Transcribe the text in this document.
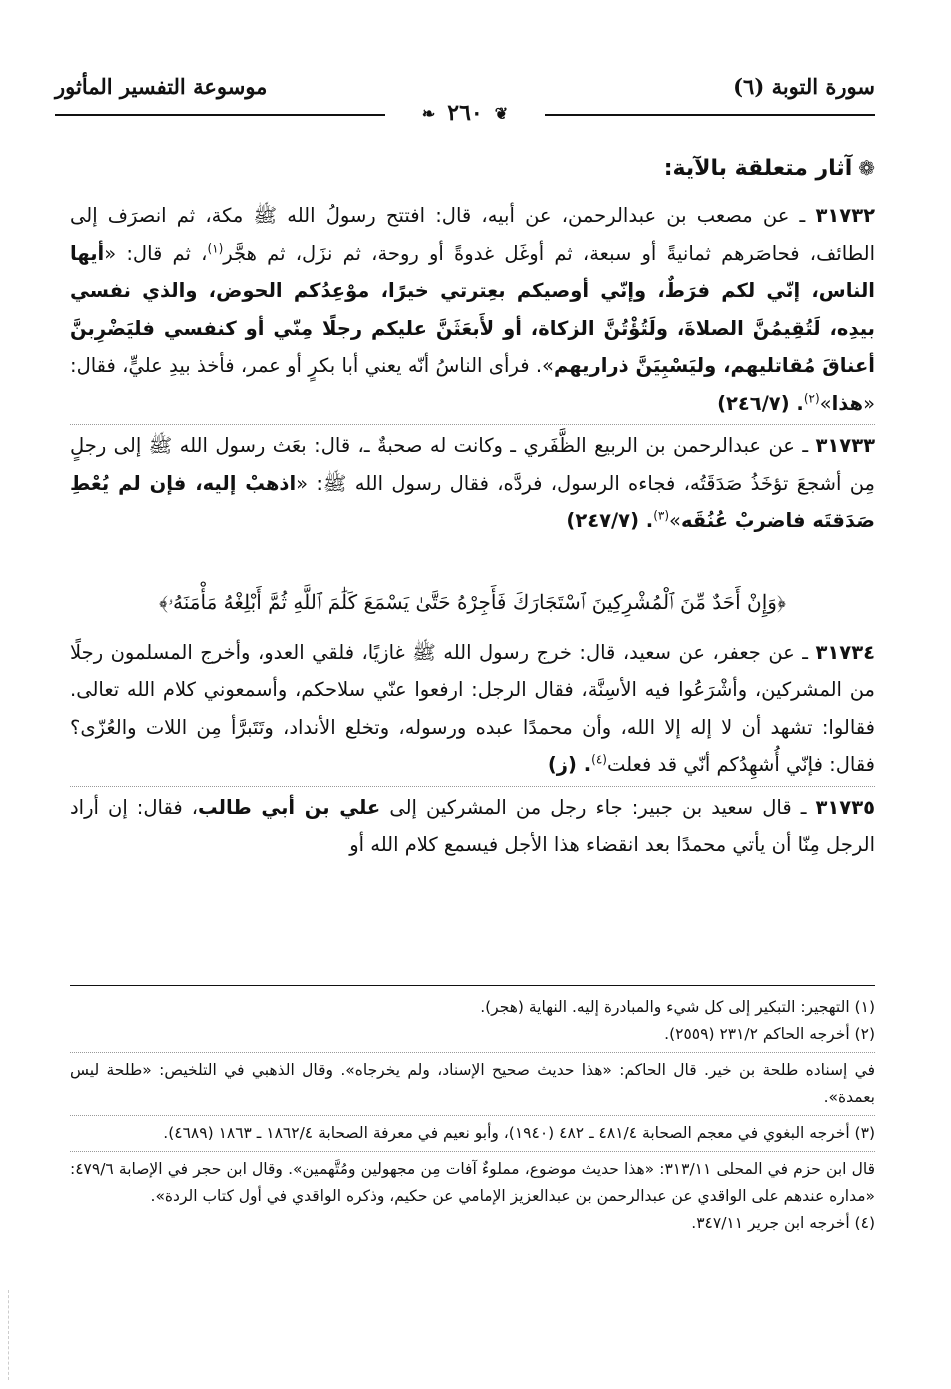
سورة التوبة (٦)
موسوعة التفسير المأثور
❦
٢٦٠
❧
❁آثار متعلقة بالآية:

٣١٧٣٢ ـ عن مصعب بن عبدالرحمن، عن أبيه، قال: افتتح رسولُ الله ﷺ مكة، ثم انصرَف إلى الطائف، فحاصَرهم ثمانيةً أو سبعة، ثم أوغَل غدوةً أو روحة، ثم نزَل، ثم هجَّر$^{(١)}$، ثم قال: «أيها الناس، إنّي لكم فرَطٌ، وإنّي أوصيكم بعِترتي خيرًا، موْعِدُكم الحوض، والذي نفسي بيدِه، لَتُقِيمُنَّ الصلاةَ، ولَتُؤْتُنَّ الزكاة، أو لأَبعَثَنَّ عليكم رجلًا مِنّي أو كنفسي فليَضْرِبنَّ أعناقَ مُقاتليهم، وليَسْبِيَنَّ ذراريهم». فرأى الناسُ أنّه يعني أبا بكرٍ أو عمر، فأخذ بيدِ عليٍّ، فقال: «هذا»$^{(٢)}$. (٢٤٦/٧)

٣١٧٣٣ ـ عن عبدالرحمن بن الربيع الظَّفَري ـ وكانت له صحبةٌ ـ، قال: بعَث رسول الله ﷺ إلى رجلٍ مِن أشجعَ تؤخَذُ صَدَقَتُه، فجاءه الرسول، فردَّه، فقال رسول الله ﷺ: «اذهبْ إليه، فإن لم يُعْطِ صَدَقتَه فاضربْ عُنُقَه»$^{(٣)}$. (٢٤٧/٧)

﴿وَإِنْ أَحَدٌ مِّنَ ٱلْمُشْرِكِينَ ٱسْتَجَارَكَ فَأَجِرْهُ حَتَّىٰ يَسْمَعَ كَلَٰمَ ٱللَّهِ ثُمَّ أَبْلِغْهُ مَأْمَنَهُۥ﴾

٣١٧٣٤ ـ عن جعفر، عن سعيد، قال: خرج رسول الله ﷺ غازيًا، فلقي العدو، وأخرج المسلمون رجلًا من المشركين، وأشْرَعُوا فيه الأسِنَّة، فقال الرجل: ارفعوا عنّي سلاحكم، وأسمعوني كلام الله تعالى. فقالوا: تشهد أن لا إله إلا الله، وأن محمدًا عبده ورسوله، وتخلع الأنداد، وتَتَبرَّأ مِن اللات والعُزّى؟ فقال: فإنّي أُشهِدُكم أنّي قد فعلت$^{(٤)}$. (ز)

٣١٧٣٥ ـ قال سعيد بن جبير: جاء رجل من المشركين إلى علي بن أبي طالب، فقال: إن أراد الرجل مِنّا أن يأتي محمدًا بعد انقضاء هذا الأجل فيسمع كلام الله أو

(١) التهجير: التبكير إلى كل شيء والمبادرة إليه. النهاية (هجر).

(٢) أخرجه الحاكم ٢٣١/٢ (٢٥٥٩).

في إسناده طلحة بن خير. قال الحاكم: «هذا حديث صحيح الإسناد، ولم يخرجاه». وقال الذهبي في التلخيص: «طلحة ليس بعمدة».

(٣) أخرجه البغوي في معجم الصحابة ٤٨١/٤ ـ ٤٨٢ (١٩٤٠)، وأبو نعيم في معرفة الصحابة ١٨٦٢/٤ ـ ١٨٦٣ (٤٦٨٩).

قال ابن حزم في المحلى ٣١٣/١١: «هذا حديث موضوع، مملوءٌ آفات مِن مجهولين ومُتَّهمين». وقال ابن حجر في الإصابة ٤٧٩/٦: «مداره عندهم على الواقدي عن عبدالرحمن بن عبدالعزيز الإمامي عن حكيم، وذكره الواقدي في أول كتاب الردة».

(٤) أخرجه ابن جرير ٣٤٧/١١.
